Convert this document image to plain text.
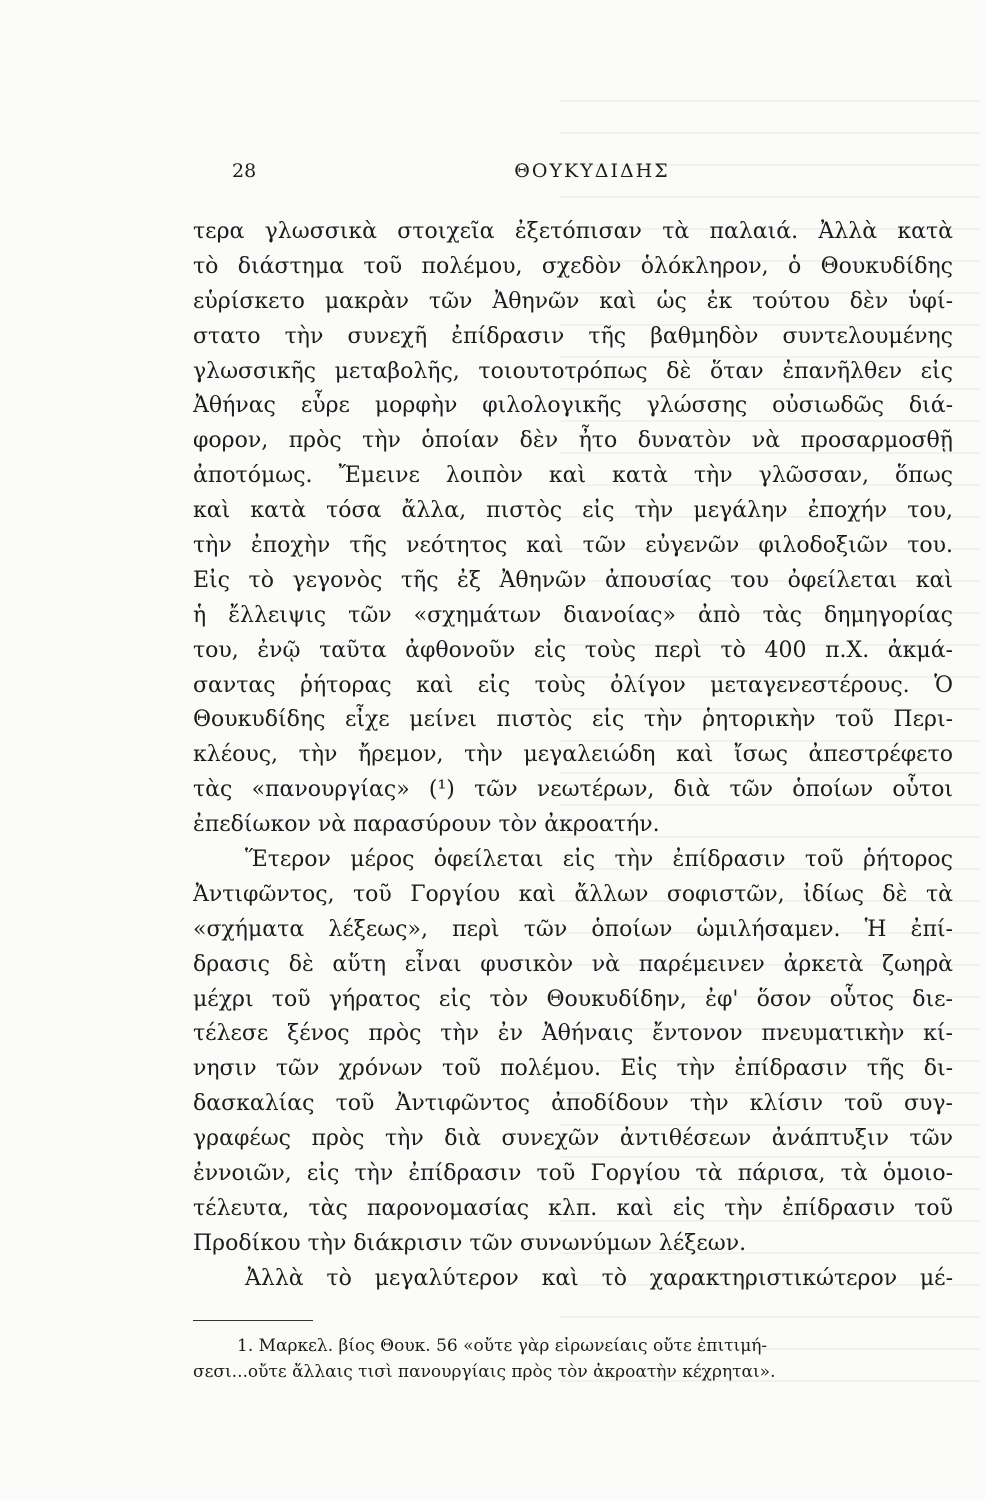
28	ΘΟΥΚΥΔΙΔΗΣ
τερα γλωσσικὰ στοιχεῖα ἐξετόπισαν τὰ παλαιά. Ἀλλὰ κατὰ
τὸ διάστημα τοῦ πολέμου, σχεδὸν ὁλόκληρον, ὁ Θουκυδίδης
εὑρίσκετο μακρὰν τῶν Ἀθηνῶν καὶ ὡς ἐκ τούτου δὲν ὑφί-
στατο τὴν συνεχῆ ἐπίδρασιν τῆς βαθμηδὸν συντελουμένης
γλωσσικῆς μεταβολῆς, τοιουτοτρόπως δὲ ὅταν ἐπανῆλθεν εἰς
Ἀθήνας εὗρε μορφὴν φιλολογικῆς γλώσσης οὐσιωδῶς διά-
φορον, πρὸς τὴν ὁποίαν δὲν ἦτο δυνατὸν νὰ προσαρμοσθῇ
ἀποτόμως. Ἔμεινε λοιπὸν καὶ κατὰ τὴν γλῶσσαν, ὅπως
καὶ κατὰ τόσα ἄλλα, πιστὸς εἰς τὴν μεγάλην ἐποχήν του,
τὴν ἐποχὴν τῆς νεότητος καὶ τῶν εὐγενῶν φιλοδοξιῶν του.
Εἰς τὸ γεγονὸς τῆς ἐξ Ἀθηνῶν ἀπουσίας του ὀφείλεται καὶ
ἡ ἔλλειψις τῶν «σχημάτων διανοίας» ἀπὸ τὰς δημηγορίας
του, ἐνῷ ταῦτα ἀφθονοῦν εἰς τοὺς περὶ τὸ 400 π.Χ. ἀκμά-
σαντας ῥήτορας καὶ εἰς τοὺς ὀλίγον μεταγενεστέρους. Ὁ
Θουκυδίδης εἶχε μείνει πιστὸς εἰς τὴν ῥητορικὴν τοῦ Περι-
κλέους, τὴν ἤρεμον, τὴν μεγαλειώδη καὶ ἴσως ἀπεστρέφετο
τὰς «πανουργίας» (¹) τῶν νεωτέρων, διὰ τῶν ὁποίων οὗτοι
ἐπεδίωκον νὰ παρασύρουν τὸν ἀκροατήν.
Ἕτερον μέρος ὀφείλεται εἰς τὴν ἐπίδρασιν τοῦ ῥήτορος
Ἀντιφῶντος, τοῦ Γοργίου καὶ ἄλλων σοφιστῶν, ἰδίως δὲ τὰ
«σχήματα λέξεως», περὶ τῶν ὁποίων ὡμιλήσαμεν. Ἡ ἐπί-
δρασις δὲ αὕτη εἶναι φυσικὸν νὰ παρέμεινεν ἀρκετὰ ζωηρὰ
μέχρι τοῦ γήρατος εἰς τὸν Θουκυδίδην, ἐφ' ὅσον οὗτος διε-
τέλεσε ξένος πρὸς τὴν ἐν Ἀθήναις ἔντονον πνευματικὴν κί-
νησιν τῶν χρόνων τοῦ πολέμου. Εἰς τὴν ἐπίδρασιν τῆς δι-
δασκαλίας τοῦ Ἀντιφῶντος ἀποδίδουν τὴν κλίσιν τοῦ συγ-
γραφέως πρὸς τὴν διὰ συνεχῶν ἀντιθέσεων ἀνάπτυξιν τῶν
ἐννοιῶν, εἰς τὴν ἐπίδρασιν τοῦ Γοργίου τὰ πάρισα, τὰ ὁμοιο-
τέλευτα, τὰς παρονομασίας κλπ. καὶ εἰς τὴν ἐπίδρασιν τοῦ
Προδίκου τὴν διάκρισιν τῶν συνωνύμων λέξεων.
Ἀλλὰ τὸ μεγαλύτερον καὶ τὸ χαρακτηριστικώτερον μέ-
1. Μαρκελ. βίος Θουκ. 56 «οὔτε γὰρ εἰρωνείαις οὔτε ἐπιτιμή-
σεσι...οὔτε ἄλλαις τισὶ πανουργίαις πρὸς τὸν ἀκροατὴν κέχρηται».
